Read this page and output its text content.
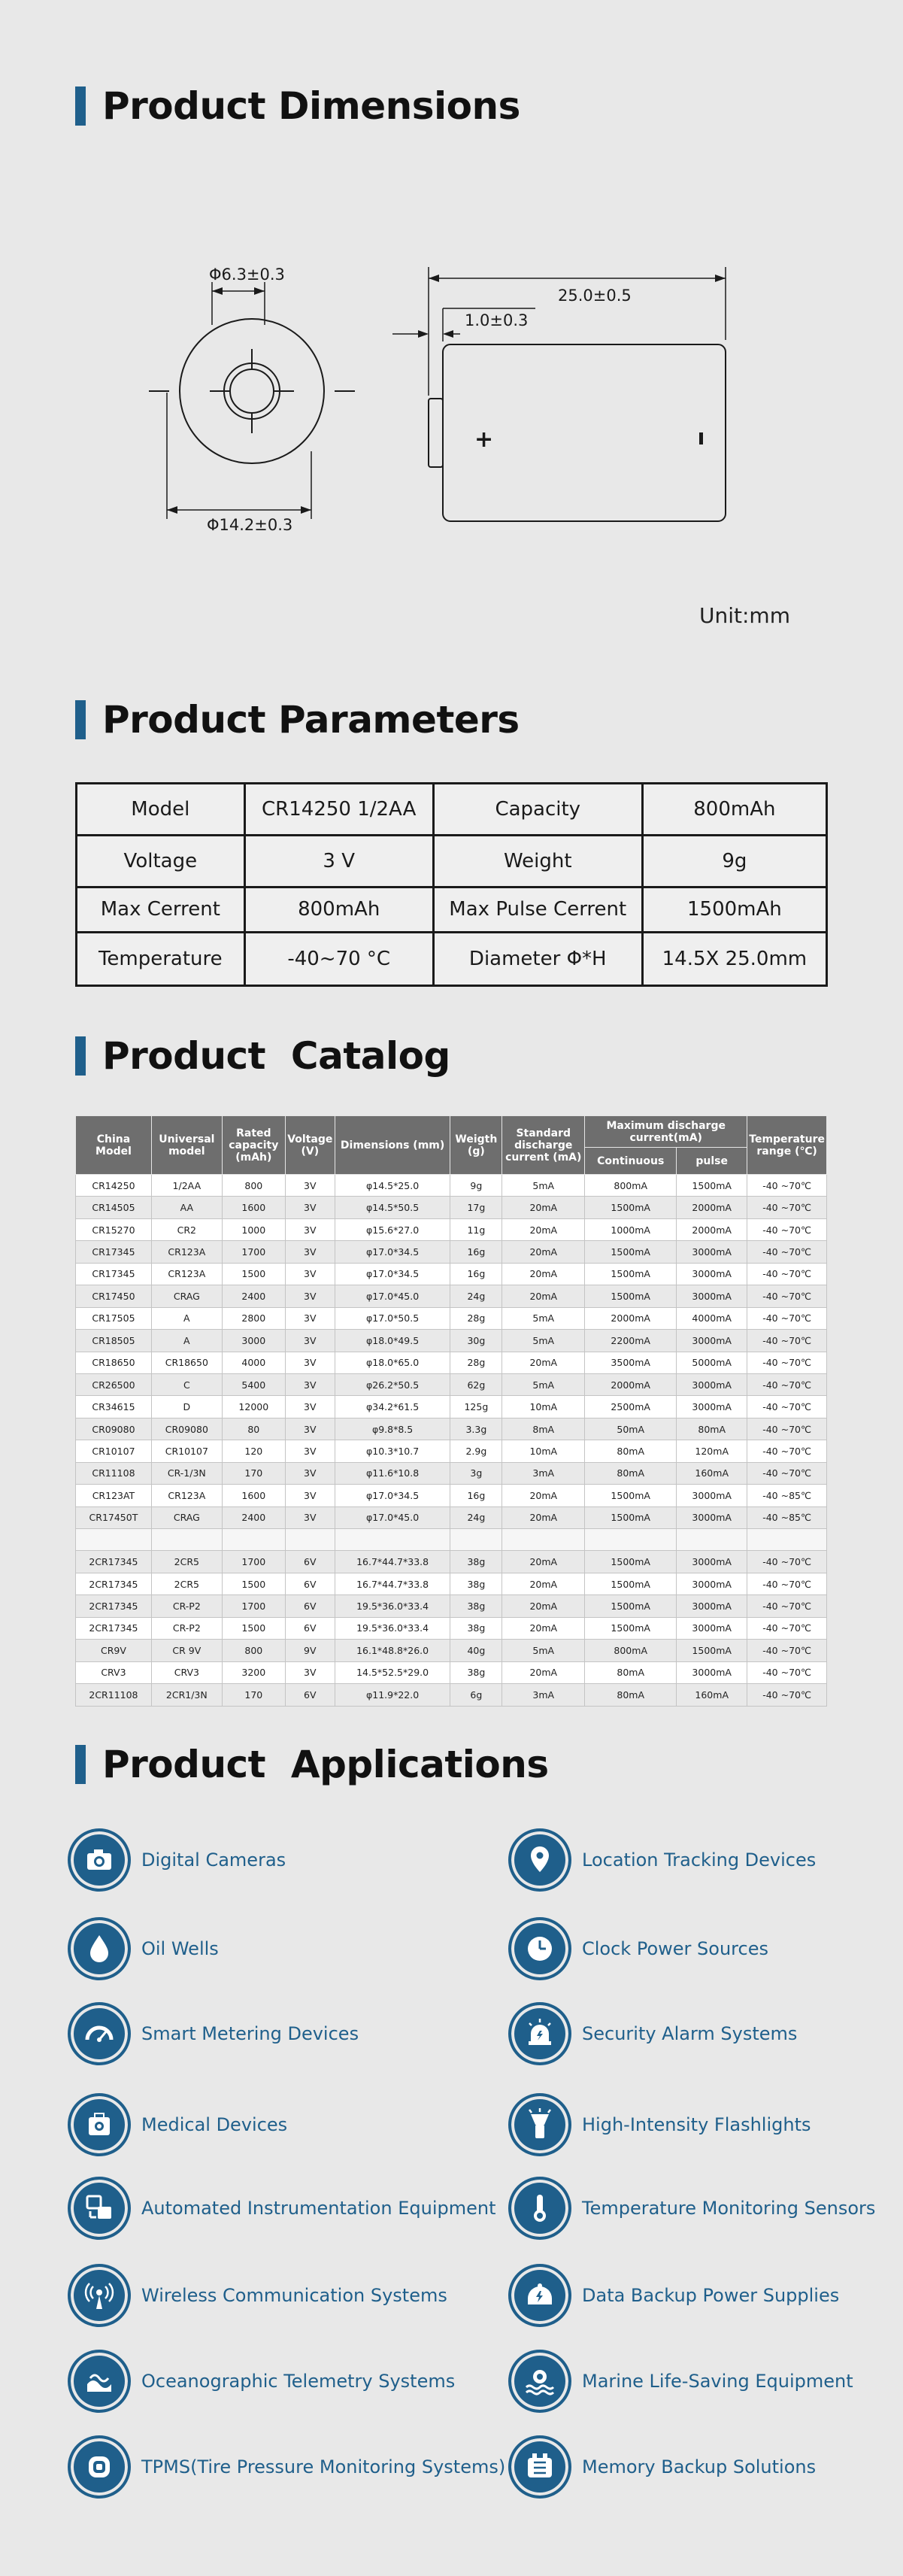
Product Dimensions
Φ6.3±0.3
Φ14.2±0.3
25.0±0.5
1.0±0.3
+
Unit:mm
Product Parameters
Model	CR14250 1/2AA	Capacity	800mAh
Voltage	3 V	Weight	9g
Max Cerrent	800mAh	Max Pulse Cerrent	1500mAh
Temperature	-40~70 °C	Diameter Φ*H	14.5X 25.0mm
Product  Catalog
China Model	Universal model	Rated capacity (mAh)	Voltage (V)	Dimensions (mm)	Weigth (g)	Standard discharge current (mA)	Maximum discharge current(mA)		Temperature range (℃)
							Continuous	pulse	
CR14250	1/2AA	800	3V	φ14.5*25.0	9g	5mA	800mA	1500mA	-40 ~70℃
CR14505	AA	1600	3V	φ14.5*50.5	17g	20mA	1500mA	2000mA	-40 ~70℃
CR15270	CR2	1000	3V	φ15.6*27.0	11g	20mA	1000mA	2000mA	-40 ~70℃
CR17345	CR123A	1700	3V	φ17.0*34.5	16g	20mA	1500mA	3000mA	-40 ~70℃
CR17345	CR123A	1500	3V	φ17.0*34.5	16g	20mA	1500mA	3000mA	-40 ~70℃
CR17450	CRAG	2400	3V	φ17.0*45.0	24g	20mA	1500mA	3000mA	-40 ~70℃
CR17505	A	2800	3V	φ17.0*50.5	28g	5mA	2000mA	4000mA	-40 ~70℃
CR18505	A	3000	3V	φ18.0*49.5	30g	5mA	2200mA	3000mA	-40 ~70℃
CR18650	CR18650	4000	3V	φ18.0*65.0	28g	20mA	3500mA	5000mA	-40 ~70℃
CR26500	C	5400	3V	φ26.2*50.5	62g	5mA	2000mA	3000mA	-40 ~70℃
CR34615	D	12000	3V	φ34.2*61.5	125g	10mA	2500mA	3000mA	-40 ~70℃
CR09080	CR09080	80	3V	φ9.8*8.5	3.3g	8mA	50mA	80mA	-40 ~70℃
CR10107	CR10107	120	3V	φ10.3*10.7	2.9g	10mA	80mA	120mA	-40 ~70℃
CR11108	CR-1/3N	170	3V	φ11.6*10.8	3g	3mA	80mA	160mA	-40 ~70℃
CR123AT	CR123A	1600	3V	φ17.0*34.5	16g	20mA	1500mA	3000mA	-40 ~85℃
CR17450T	CRAG	2400	3V	φ17.0*45.0	24g	20mA	1500mA	3000mA	-40 ~85℃

2CR17345	2CR5	1700	6V	16.7*44.7*33.8	38g	20mA	1500mA	3000mA	-40 ~70℃
2CR17345	2CR5	1500	6V	16.7*44.7*33.8	38g	20mA	1500mA	3000mA	-40 ~70℃
2CR17345	CR-P2	1700	6V	19.5*36.0*33.4	38g	20mA	1500mA	3000mA	-40 ~70℃
2CR17345	CR-P2	1500	6V	19.5*36.0*33.4	38g	20mA	1500mA	3000mA	-40 ~70℃
CR9V	CR 9V	800	9V	16.1*48.8*26.0	40g	5mA	800mA	1500mA	-40 ~70℃
CRV3	CRV3	3200	3V	14.5*52.5*29.0	38g	20mA	80mA	3000mA	-40 ~70℃
2CR11108	2CR1/3N	170	6V	φ11.9*22.0	6g	3mA	80mA	160mA	-40 ~70℃
Product  Applications
Digital Cameras
Oil Wells
Smart Metering Devices
Medical Devices
Automated Instrumentation Equipment
Wireless Communication Systems
Oceanographic Telemetry Systems
TPMS(Tire Pressure Monitoring Systems)
Location Tracking Devices
Clock Power Sources
Security Alarm Systems
High-Intensity Flashlights
Temperature Monitoring Sensors
Data Backup Power Supplies
Marine Life-Saving Equipment
Memory Backup Solutions
